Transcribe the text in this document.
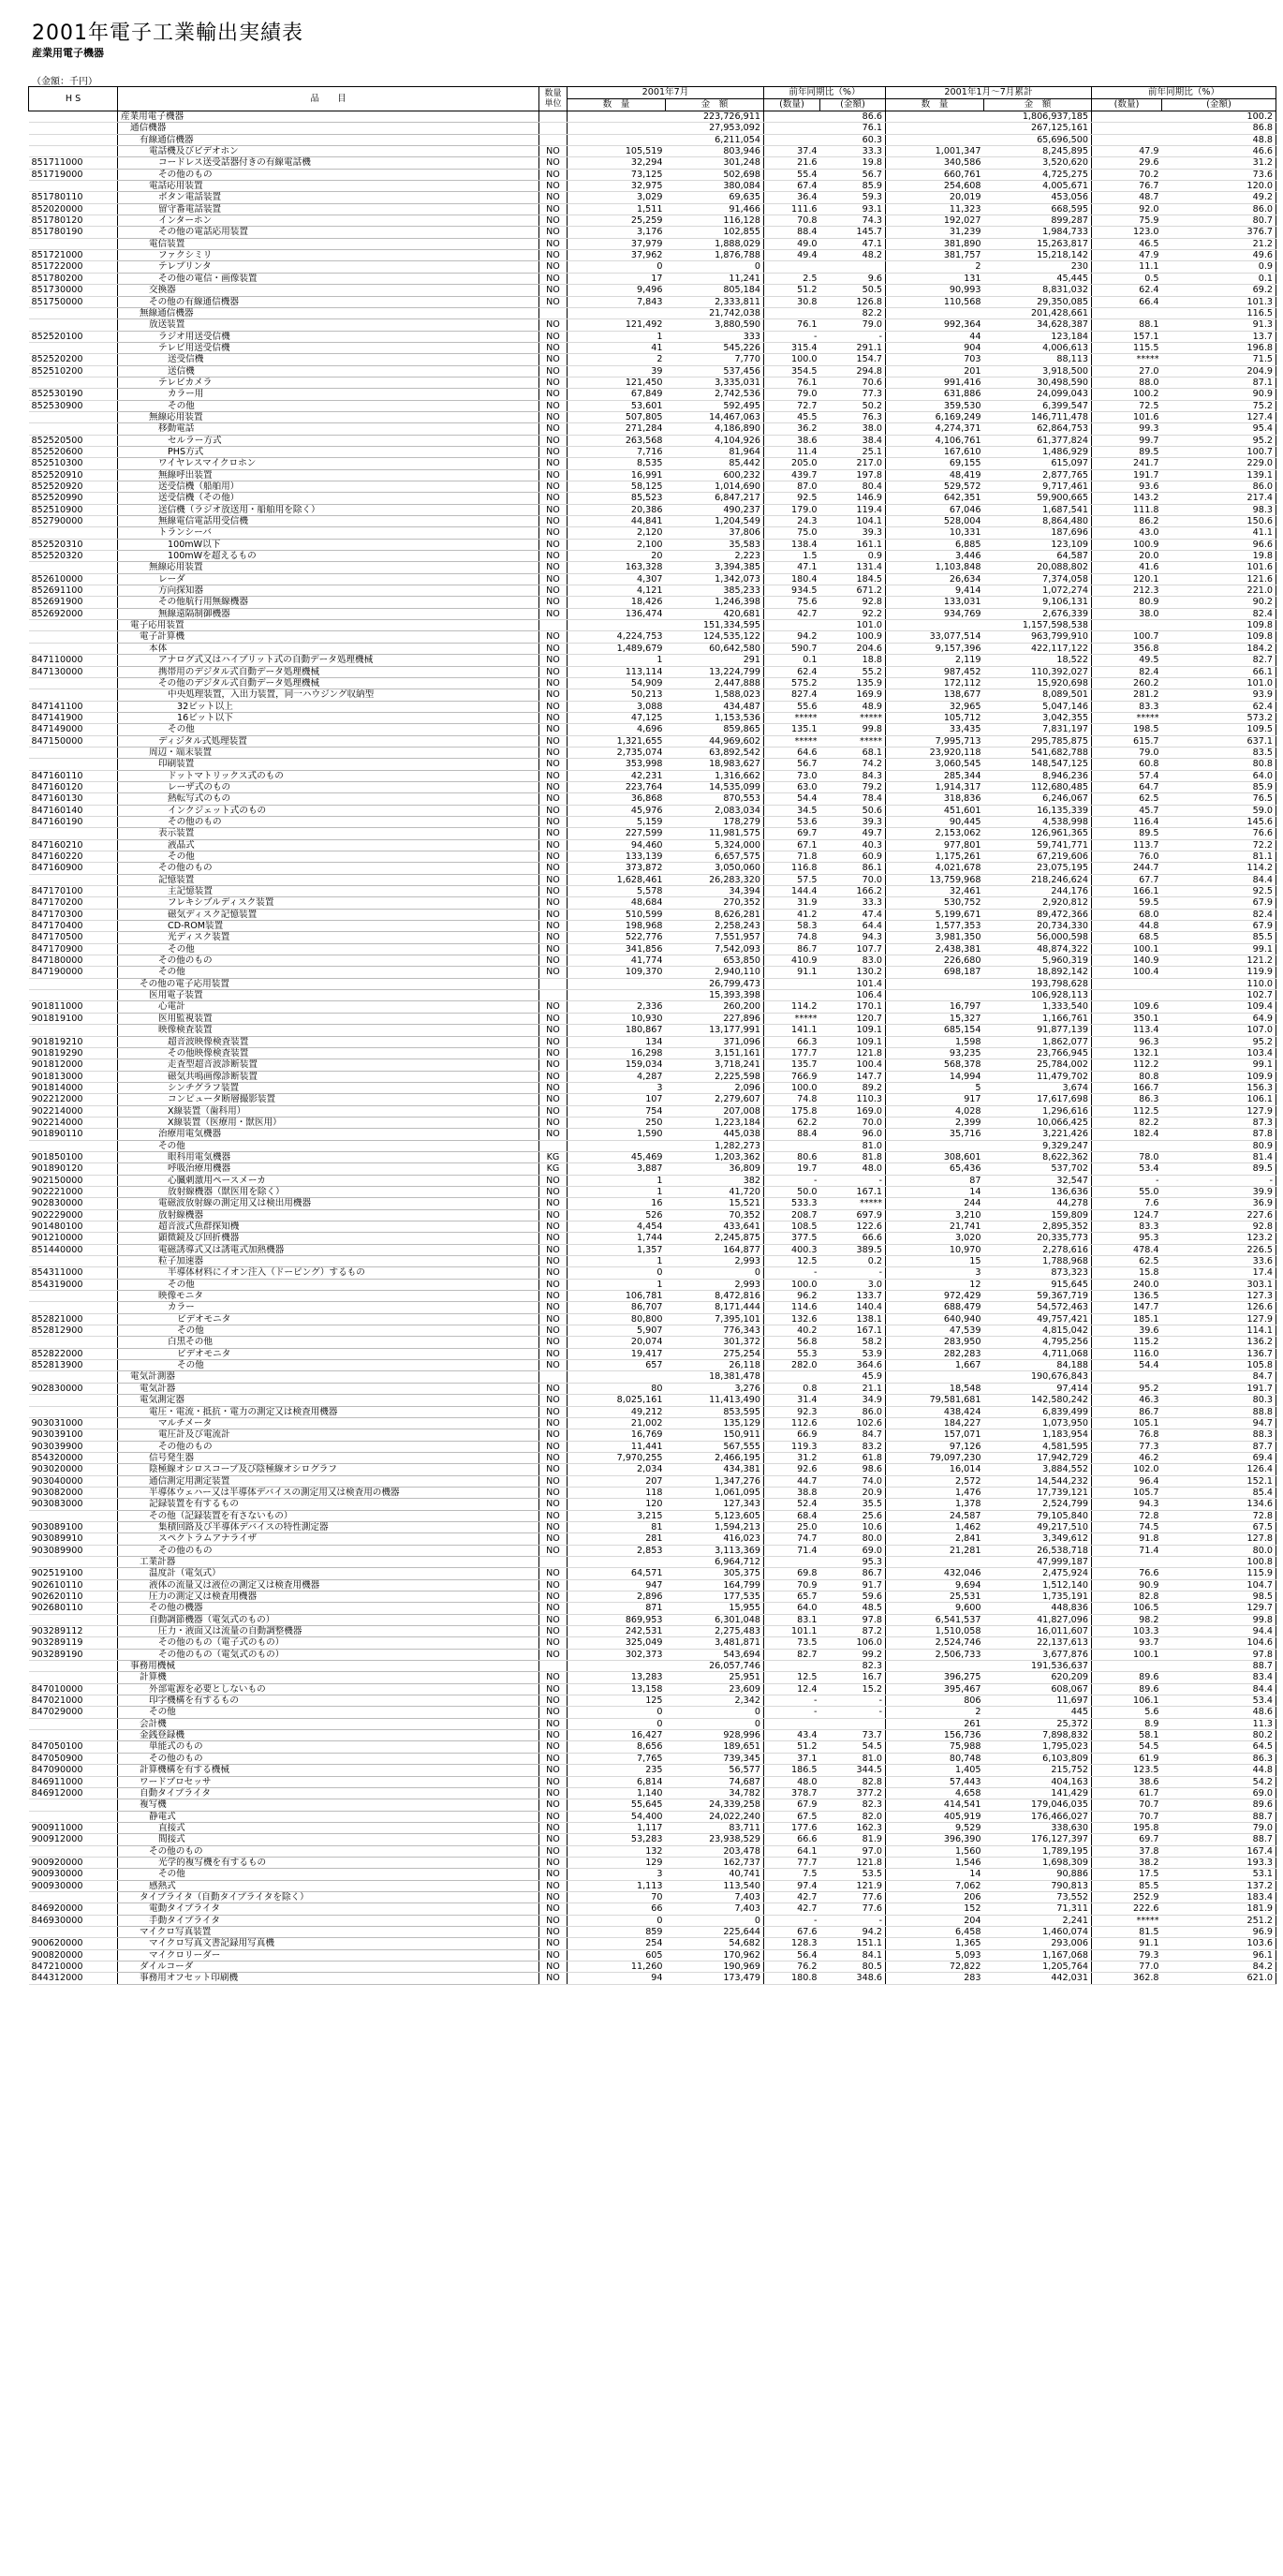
2001年電子工業輸出実績表
産業用電子機器
（金額：千円）
H S	品　　目	数量
単位	2001年7月		前年同期比（%）		2001年1月～7月累計		前年同期比（%）	
			数　量	金　額	(数量)	(金額)	数　量	金　額	(数量)	(金額)
	産業用電子機器			223,726,911		86.6		1,806,937,185		100.2
	通信機器			27,953,092		76.1		267,125,161		86.8
	有線通信機器			6,211,054		60.3		65,696,500		48.8
	電話機及びビデオホン	NO	105,519	803,946	37.4	33.3	1,001,347	8,245,895	47.9	46.6
851711000	コードレス送受話器付きの有線電話機	NO	32,294	301,248	21.6	19.8	340,586	3,520,620	29.6	31.2
851719000	その他のもの	NO	73,125	502,698	55.4	56.7	660,761	4,725,275	70.2	73.6
	電話応用装置	NO	32,975	380,084	67.4	85.9	254,608	4,005,671	76.7	120.0
851780110	ボタン電話装置	NO	3,029	69,635	36.4	59.3	20,019	453,056	48.7	49.2
852020000	留守番電話装置	NO	1,511	91,466	111.6	93.1	11,323	668,595	92.0	86.0
851780120	インターホン	NO	25,259	116,128	70.8	74.3	192,027	899,287	75.9	80.7
851780190	その他の電話応用装置	NO	3,176	102,855	88.4	145.7	31,239	1,984,733	123.0	376.7
	電信装置	NO	37,979	1,888,029	49.0	47.1	381,890	15,263,817	46.5	21.2
851721000	ファクシミリ	NO	37,962	1,876,788	49.4	48.2	381,757	15,218,142	47.9	49.6
851722000	テレプリンタ	NO	0	0			2	230	11.1	0.9
851780200	その他の電信・画像装置	NO	17	11,241	2.5	9.6	131	45,445	0.5	0.1
851730000	交換器	NO	9,496	805,184	51.2	50.5	90,993	8,831,032	62.4	69.2
851750000	その他の有線通信機器	NO	7,843	2,333,811	30.8	126.8	110,568	29,350,085	66.4	101.3
	無線通信機器			21,742,038		82.2		201,428,661		116.5
	放送装置	NO	121,492	3,880,590	76.1	79.0	992,364	34,628,387	88.1	91.3
852520100	ラジオ用送受信機	NO	1	333	-	-	44	123,184	157.1	13.7
	テレビ用送受信機	NO	41	545,226	315.4	291.1	904	4,006,613	115.5	196.8
852520200	送受信機	NO	2	7,770	100.0	154.7	703	88,113	*****	71.5
852510200	送信機	NO	39	537,456	354.5	294.8	201	3,918,500	27.0	204.9
	テレビカメラ	NO	121,450	3,335,031	76.1	70.6	991,416	30,498,590	88.0	87.1
852530190	カラー用	NO	67,849	2,742,536	79.0	77.3	631,886	24,099,043	100.2	90.9
852530900	その他	NO	53,601	592,495	72.7	50.2	359,530	6,399,547	72.5	75.2
	無線応用装置	NO	507,805	14,467,063	45.5	76.3	6,169,249	146,711,478	101.6	127.4
	移動電話	NO	271,284	4,186,890	36.2	38.0	4,274,371	62,864,753	99.3	95.4
852520500	セルラー方式	NO	263,568	4,104,926	38.6	38.4	4,106,761	61,377,824	99.7	95.2
852520600	PHS方式	NO	7,716	81,964	11.4	25.1	167,610	1,486,929	89.5	100.7
852510300	ワイヤレスマイクロホン	NO	8,535	85,442	205.0	217.0	69,155	615,097	241.7	229.0
852520910	無線呼出装置	NO	16,991	600,232	439.7	197.8	48,419	2,877,765	191.7	139.1
852520920	送受信機（船舶用）	NO	58,125	1,014,690	87.0	80.4	529,572	9,717,461	93.6	86.0
852520990	送受信機（その他）	NO	85,523	6,847,217	92.5	146.9	642,351	59,900,665	143.2	217.4
852510900	送信機（ラジオ放送用・船舶用を除く）	NO	20,386	490,237	179.0	119.4	67,046	1,687,541	111.8	98.3
852790000	無線電信電話用受信機	NO	44,841	1,204,549	24.3	104.1	528,004	8,864,480	86.2	150.6
	トランシーバ	NO	2,120	37,806	75.0	39.3	10,331	187,696	43.0	41.1
852520310	100mW以下	NO	2,100	35,583	138.4	161.1	6,885	123,109	100.9	96.6
852520320	100mWを超えるもの	NO	20	2,223	1.5	0.9	3,446	64,587	20.0	19.8
	無線応用装置	NO	163,328	3,394,385	47.1	131.4	1,103,848	20,088,802	41.6	101.6
852610000	レーダ	NO	4,307	1,342,073	180.4	184.5	26,634	7,374,058	120.1	121.6
852691100	方向探知器	NO	4,121	385,233	934.5	671.2	9,414	1,072,274	212.3	221.0
852691900	その他航行用無線機器	NO	18,426	1,246,398	75.6	92.8	133,031	9,106,131	80.9	90.2
852692000	無線遠隔制御機器	NO	136,474	420,681	42.7	92.2	934,769	2,676,339	38.0	82.4
	電子応用装置			151,334,595		101.0		1,157,598,538		109.8
	電子計算機	NO	4,224,753	124,535,122	94.2	100.9	33,077,514	963,799,910	100.7	109.8
	本体	NO	1,489,679	60,642,580	590.7	204.6	9,157,396	422,117,122	356.8	184.2
847110000	アナログ式又はハイブリット式の自動データ処理機械	NO	1	291	0.1	18.8	2,119	18,522	49.5	82.7
847130000	携帯用のデジタル式自動データ処理機械	NO	113,114	13,224,799	62.4	55.2	987,452	110,392,027	82.4	66.1
	その他のデジタル式自動データ処理機械	NO	54,909	2,447,888	575.2	135.9	172,112	15,920,698	260.2	101.0
	中央処理装置，入出力装置，同一ハウジング収納型	NO	50,213	1,588,023	827.4	169.9	138,677	8,089,501	281.2	93.9
847141100	32ビット以上	NO	3,088	434,487	55.6	48.9	32,965	5,047,146	83.3	62.4
847141900	16ビット以下	NO	47,125	1,153,536	*****	*****	105,712	3,042,355	*****	573.2
847149000	その他	NO	4,696	859,865	135.1	99.8	33,435	7,831,197	198.5	109.5
847150000	ディジタル式処理装置	NO	1,321,655	44,969,602	*****	*****	7,995,713	295,785,875	615.7	637.1
	周辺・端末装置	NO	2,735,074	63,892,542	64.6	68.1	23,920,118	541,682,788	79.0	83.5
	印刷装置	NO	353,998	18,983,627	56.7	74.2	3,060,545	148,547,125	60.8	80.8
847160110	ドットマトリックス式のもの	NO	42,231	1,316,662	73.0	84.3	285,344	8,946,236	57.4	64.0
847160120	レーザ式のもの	NO	223,764	14,535,099	63.0	79.2	1,914,317	112,680,485	64.7	85.9
847160130	熱転写式のもの	NO	36,868	870,553	54.4	78.4	318,836	6,246,067	62.5	76.5
847160140	インクジェット式のもの	NO	45,976	2,083,034	34.5	50.6	451,601	16,135,339	45.7	59.0
847160190	その他のもの	NO	5,159	178,279	53.6	39.3	90,445	4,538,998	116.4	145.6
	表示装置	NO	227,599	11,981,575	69.7	49.7	2,153,062	126,961,365	89.5	76.6
847160210	液晶式	NO	94,460	5,324,000	67.1	40.3	977,801	59,741,771	113.7	72.2
847160220	その他	NO	133,139	6,657,575	71.8	60.9	1,175,261	67,219,606	76.0	81.1
847160900	その他のもの	NO	373,872	3,050,060	116.8	86.1	4,021,678	23,075,195	244.7	114.2
	記憶装置	NO	1,628,461	26,283,320	57.5	70.0	13,759,968	218,246,624	67.7	84.4
847170100	主記憶装置	NO	5,578	34,394	144.4	166.2	32,461	244,176	166.1	92.5
847170200	フレキシブルディスク装置	NO	48,684	270,352	31.9	33.3	530,752	2,920,812	59.5	67.9
847170300	磁気ディスク記憶装置	NO	510,599	8,626,281	41.2	47.4	5,199,671	89,472,366	68.0	82.4
847170400	CD-ROM装置	NO	198,968	2,258,243	58.3	64.4	1,577,353	20,734,330	44.8	67.9
847170500	光ディスク装置	NO	522,776	7,551,957	74.8	94.3	3,981,350	56,000,598	68.5	85.5
847170900	その他	NO	341,856	7,542,093	86.7	107.7	2,438,381	48,874,322	100.1	99.1
847180000	その他のもの	NO	41,774	653,850	410.9	83.0	226,680	5,960,319	140.9	121.2
847190000	その他	NO	109,370	2,940,110	91.1	130.2	698,187	18,892,142	100.4	119.9
	その他の電子応用装置			26,799,473		101.4		193,798,628		110.0
	医用電子装置			15,393,398		106.4		106,928,113		102.7
901811000	心電計	NO	2,336	260,200	114.2	170.1	16,797	1,333,540	109.6	109.4
901819100	医用監視装置	NO	10,930	227,896	*****	120.7	15,327	1,166,761	350.1	64.9
	映像検査装置	NO	180,867	13,177,991	141.1	109.1	685,154	91,877,139	113.4	107.0
901819210	超音波映像検査装置	NO	134	371,096	66.3	109.1	1,598	1,862,077	96.3	95.2
901819290	その他映像検査装置	NO	16,298	3,151,161	177.7	121.8	93,235	23,766,945	132.1	103.4
901812000	走査型超音波診断装置	NO	159,034	3,718,241	135.7	100.4	568,378	25,784,002	112.2	99.1
901813000	磁気共鳴画像診断装置	NO	4,287	2,225,598	766.9	147.7	14,994	11,479,702	80.8	109.9
901814000	シンチグラフ装置	NO	3	2,096	100.0	89.2	5	3,674	166.7	156.3
902212000	コンピュータ断層撮影装置	NO	107	2,279,607	74.8	110.3	917	17,617,698	86.3	106.1
902214000	X線装置（歯科用）	NO	754	207,008	175.8	169.0	4,028	1,296,616	112.5	127.9
902214000	X線装置（医療用・獣医用）	NO	250	1,223,184	62.2	70.0	2,399	10,066,425	82.2	87.3
901890110	治療用電気機器	NO	1,590	445,038	88.4	96.0	35,716	3,221,426	182.4	87.8
	その他			1,282,273		81.0		9,329,247		80.9
901850100	眼科用電気機器	KG	45,469	1,203,362	80.6	81.8	308,601	8,622,362	78.0	81.4
901890120	呼吸治療用機器	KG	3,887	36,809	19.7	48.0	65,436	537,702	53.4	89.5
902150000	心臓刺激用ペースメーカ	NO	1	382	-	-	87	32,547	-	-
902221000	放射線機器（獣医用を除く）	NO	1	41,720	50.0	167.1	14	136,636	55.0	39.9
902830000	電磁波放射線の測定用又は検出用機器	NO	16	15,521	533.3	*****	244	44,278	7.6	36.9
902229000	放射線機器	NO	526	70,352	208.7	697.9	3,210	159,809	124.7	227.6
901480100	超音波式魚群探知機	NO	4,454	433,641	108.5	122.6	21,741	2,895,352	83.3	92.8
901210000	顕微鏡及び回折機器	NO	1,744	2,245,875	377.5	66.6	3,020	20,335,773	95.3	123.2
851440000	電磁誘導式又は誘電式加熱機器	NO	1,357	164,877	400.3	389.5	10,970	2,278,616	478.4	226.5
	粒子加速器	NO	1	2,993	12.5	0.2	15	1,788,968	62.5	33.6
854311000	半導体材料にイオン注入（ドーピング）するもの	NO	0	0	-	-	3	873,323	15.8	17.4
854319000	その他	NO	1	2,993	100.0	3.0	12	915,645	240.0	303.1
	映像モニタ	NO	106,781	8,472,816	96.2	133.7	972,429	59,367,719	136.5	127.3
	カラー	NO	86,707	8,171,444	114.6	140.4	688,479	54,572,463	147.7	126.6
852821000	ビデオモニタ	NO	80,800	7,395,101	132.6	138.1	640,940	49,757,421	185.1	127.9
852812900	その他	NO	5,907	776,343	40.2	167.1	47,539	4,815,042	39.6	114.1
	白黒その他	NO	20,074	301,372	56.8	58.2	283,950	4,795,256	115.2	136.2
852822000	ビデオモニタ	NO	19,417	275,254	55.3	53.9	282,283	4,711,068	116.0	136.7
852813900	その他	NO	657	26,118	282.0	364.6	1,667	84,188	54.4	105.8
	電気計測器			18,381,478		45.9		190,676,843		84.7
902830000	電気計器	NO	80	3,276	0.8	21.1	18,548	97,414	95.2	191.7
	電気測定器	NO	8,025,161	11,413,490	31.4	34.9	79,581,681	142,580,242	46.3	80.3
	電圧・電流・抵抗・電力の測定又は検査用機器	NO	49,212	853,595	92.3	86.0	438,424	6,839,499	86.7	88.8
903031000	マルチメータ	NO	21,002	135,129	112.6	102.6	184,227	1,073,950	105.1	94.7
903039100	電圧計及び電流計	NO	16,769	150,911	66.9	84.7	157,071	1,183,954	76.8	88.3
903039900	その他のもの	NO	11,441	567,555	119.3	83.2	97,126	4,581,595	77.3	87.7
854320000	信号発生器	NO	7,970,255	2,466,195	31.2	61.8	79,097,230	17,942,729	46.2	69.4
903020000	陰極線オシロスコープ及び陰極線オシログラフ	NO	2,034	434,381	92.6	98.6	16,014	3,884,552	102.0	126.4
903040000	通信測定用測定装置	NO	207	1,347,276	44.7	74.0	2,572	14,544,232	96.4	152.1
903082000	半導体ウェハー又は半導体デバイスの測定用又は検査用の機器	NO	118	1,061,095	38.8	20.9	1,476	17,739,121	105.7	85.4
903083000	記録装置を有するもの	NO	120	127,343	52.4	35.5	1,378	2,524,799	94.3	134.6
	その他（記録装置を有さないもの）	NO	3,215	5,123,605	68.4	25.6	24,587	79,105,840	72.8	72.8
903089100	集積回路及び半導体デバイスの特性測定器	NO	81	1,594,213	25.0	10.6	1,462	49,217,510	74.5	67.5
903089910	スペクトラムアナライザ	NO	281	416,023	74.7	80.0	2,841	3,349,612	91.8	127.8
903089900	その他のもの	NO	2,853	3,113,369	71.4	69.0	21,281	26,538,718	71.4	80.0
	工業計器			6,964,712		95.3		47,999,187		100.8
902519100	温度計（電気式）	NO	64,571	305,375	69.8	86.7	432,046	2,475,924	76.6	115.9
902610110	液体の流量又は液位の測定又は検査用機器	NO	947	164,799	70.9	91.7	9,694	1,512,140	90.9	104.7
902620110	圧力の測定又は検査用機器	NO	2,896	177,535	65.7	59.6	25,531	1,735,191	82.8	98.5
902680110	その他の機器	NO	871	15,955	64.0	48.5	9,600	448,836	106.5	129.7
	自動調節機器（電気式のもの）	NO	869,953	6,301,048	83.1	97.8	6,541,537	41,827,096	98.2	99.8
903289112	圧力・液面又は流量の自動調整機器	NO	242,531	2,275,483	101.1	87.2	1,510,058	16,011,607	103.3	94.4
903289119	その他のもの（電子式のもの）	NO	325,049	3,481,871	73.5	106.0	2,524,746	22,137,613	93.7	104.6
903289190	その他のもの（電気式のもの）	NO	302,373	543,694	82.7	99.2	2,506,733	3,677,876	100.1	97.8
	事務用機械			26,057,746		82.3		191,536,637		88.7
	計算機	NO	13,283	25,951	12.5	16.7	396,275	620,209	89.6	83.4
847010000	外部電源を必要としないもの	NO	13,158	23,609	12.4	15.2	395,467	608,067	89.6	84.4
847021000	印字機構を有するもの	NO	125	2,342	-	-	806	11,697	106.1	53.4
847029000	その他	NO	0	0	-	-	2	445	5.6	48.6
	会計機	NO	0	0			261	25,372	8.9	11.3
	金銭登録機	NO	16,427	928,996	43.4	73.7	156,736	7,898,832	58.1	80.2
847050100	単能式のもの	NO	8,656	189,651	51.2	54.5	75,988	1,795,023	54.5	64.5
847050900	その他のもの	NO	7,765	739,345	37.1	81.0	80,748	6,103,809	61.9	86.3
847090000	計算機構を有する機械	NO	235	56,577	186.5	344.5	1,405	215,752	123.5	44.8
846911000	ワードプロセッサ	NO	6,814	74,687	48.0	82.8	57,443	404,163	38.6	54.2
846912000	自動タイプライタ	NO	1,140	34,782	378.7	377.2	4,658	141,429	61.7	69.0
	複写機	NO	55,645	24,339,258	67.9	82.3	414,541	179,046,035	70.7	89.6
	静電式	NO	54,400	24,022,240	67.5	82.0	405,919	176,466,027	70.7	88.7
900911000	直接式	NO	1,117	83,711	177.6	162.3	9,529	338,630	195.8	79.0
900912000	間接式	NO	53,283	23,938,529	66.6	81.9	396,390	176,127,397	69.7	88.7
	その他のもの	NO	132	203,478	64.1	97.0	1,560	1,789,195	37.8	167.4
900920000	光学的複写機を有するもの	NO	129	162,737	77.7	121.8	1,546	1,698,309	38.2	193.3
900930000	その他	NO	3	40,741	7.5	53.5	14	90,886	17.5	53.1
900930000	感熱式	NO	1,113	113,540	97.4	121.9	7,062	790,813	85.5	137.2
	タイプライタ（自動タイプライタを除く）	NO	70	7,403	42.7	77.6	206	73,552	252.9	183.4
846920000	電動タイプライタ	NO	66	7,403	42.7	77.6	152	71,311	222.6	181.9
846930000	手動タイプライタ	NO	0	0	-	-	204	2,241	*****	251.2
	マイクロ写真装置	NO	859	225,644	67.6	94.2	6,458	1,460,074	81.5	96.9
900620000	マイクロ写真文書記録用写真機	NO	254	54,682	128.3	151.1	1,365	293,006	91.1	103.6
900820000	マイクロリーダー	NO	605	170,962	56.4	84.1	5,093	1,167,068	79.3	96.1
847210000	ダイルコーダ	NO	11,260	190,969	76.2	80.5	72,822	1,205,764	77.0	84.2
844312000	事務用オフセット印刷機	NO	94	173,479	180.8	348.6	283	442,031	362.8	621.0
